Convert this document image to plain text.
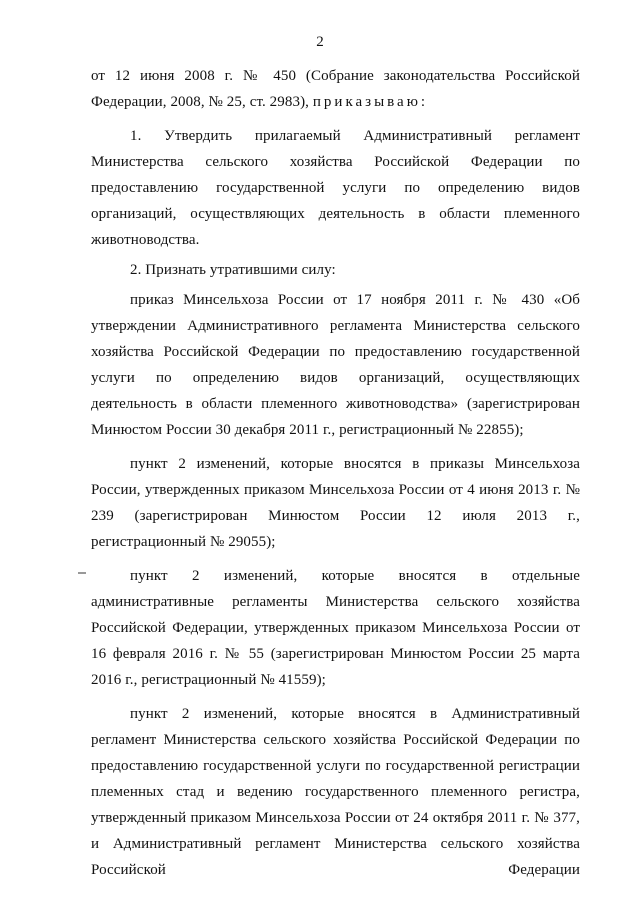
2

от 12 июня 2008 г. № 450 (Собрание законодательства Российской Федерации, 2008, № 25, ст. 2983), приказываю:

1. Утвердить прилагаемый Административный регламент Министерства сельского хозяйства Российской Федерации по предоставлению государственной услуги по определению видов организаций, осуществляющих деятельность в области племенного животноводства.

2. Признать утратившими силу:

приказ Минсельхоза России от 17 ноября 2011 г. № 430 «Об утверждении Административного регламента Министерства сельского хозяйства Российской Федерации по предоставлению государственной услуги по определению видов организаций, осуществляющих деятельность в области племенного животноводства» (зарегистрирован Минюстом России 30 декабря 2011 г., регистрационный № 22855);

пункт 2 изменений, которые вносятся в приказы Минсельхоза России, утвержденных приказом Минсельхоза России от 4 июня 2013 г. № 239 (зарегистрирован Минюстом России 12 июля 2013 г., регистрационный № 29055);

пункт 2 изменений, которые вносятся в отдельные административные регламенты Министерства сельского хозяйства Российской Федерации, утвержденных приказом Минсельхоза России от 16 февраля 2016 г. № 55 (зарегистрирован Минюстом России 25 марта 2016 г., регистрационный № 41559);

пункт 2 изменений, которые вносятся в Административный регламент Министерства сельского хозяйства Российской Федерации по предоставлению государственной услуги по государственной регистрации племенных стад и ведению государственного племенного регистра, утвержденный приказом Минсельхоза России от 24 октября 2011 г. № 377, и Административный регламент Министерства сельского хозяйства Российской Федерации
